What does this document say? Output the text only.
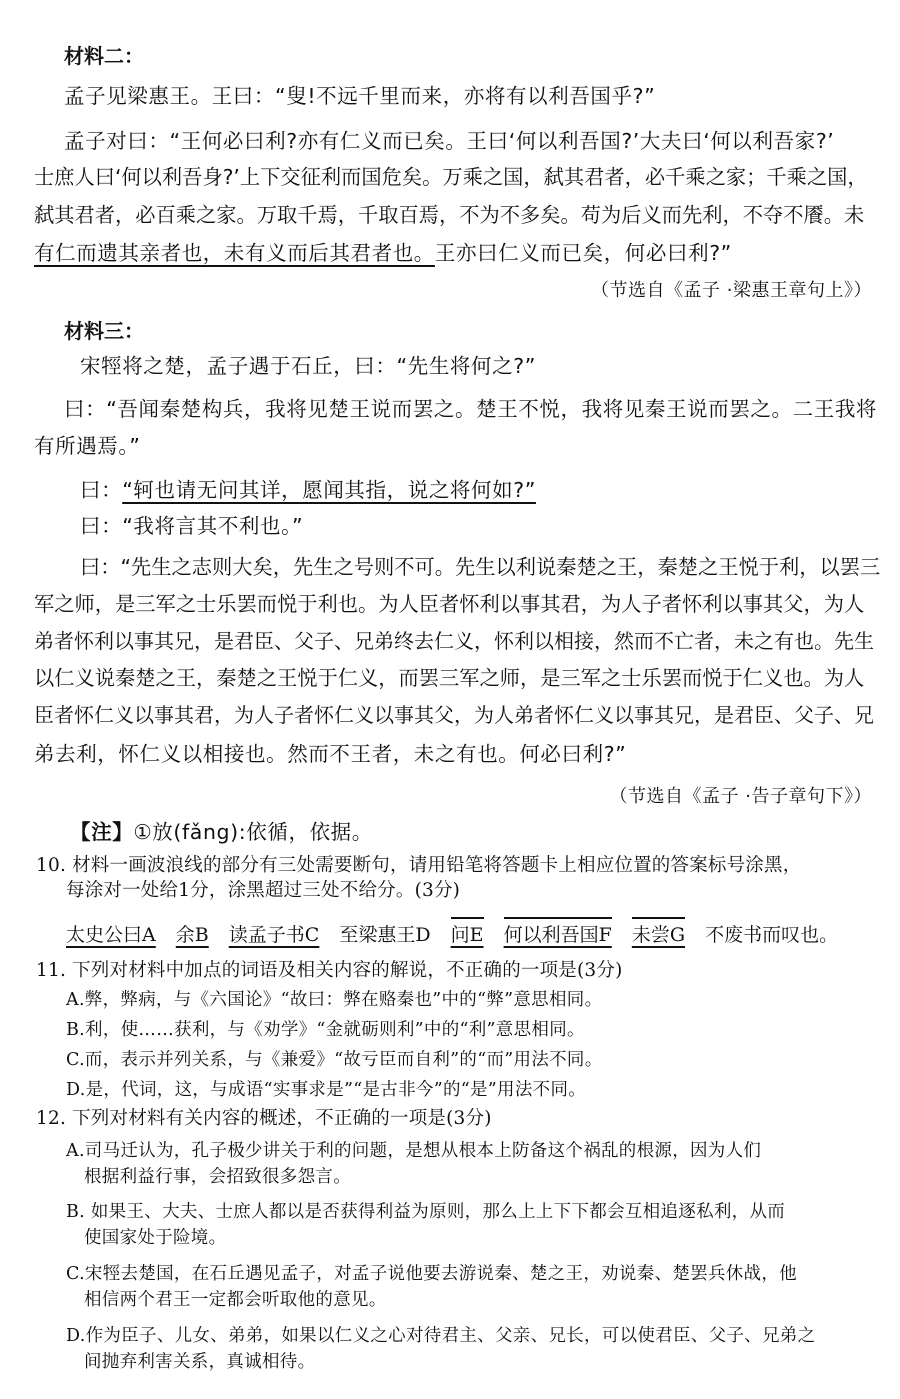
材料二：
孟子见梁惠王。王曰：“叟!不远千里而来，亦将有以利吾国乎?”
孟子对曰：“王何必曰利?亦有仁义而已矣。王曰‘何以利吾国?’大夫曰‘何以利吾家?’
士庶人曰‘何以利吾身?’上下交征利而国危矣。万乘之国，弑其君者，必千乘之家；千乘之国，
弑其君者，必百乘之家。万取千焉，千取百焉，不为不多矣。苟为后义而先利，不夺不餍。未
有仁而遗其亲者也，未有义而后其君者也。王亦曰仁义而已矣，何必曰利?”
（节选自《孟子 ·梁惠王章句上》）
材料三：
宋牼将之楚，孟子遇于石丘，曰：“先生将何之?”
曰：“吾闻秦楚构兵，我将见楚王说而罢之。楚王不悦，我将见秦王说而罢之。二王我将
有所遇焉。”
曰：“轲也请无问其详，愿闻其指，说之将何如?”
曰：“我将言其不利也。”
曰：“先生之志则大矣，先生之号则不可。先生以利说秦楚之王，秦楚之王悦于利，以罢三
军之师，是三军之士乐罢而悦于利也。为人臣者怀利以事其君，为人子者怀利以事其父，为人
弟者怀利以事其兄，是君臣、父子、兄弟终去仁义，怀利以相接，然而不亡者，未之有也。先生
以仁义说秦楚之王，秦楚之王悦于仁义，而罢三军之师，是三军之士乐罢而悦于仁义也。为人
臣者怀仁义以事其君，为人子者怀仁义以事其父，为人弟者怀仁义以事其兄，是君臣、父子、兄
弟去利，怀仁义以相接也。然而不王者，未之有也。何必曰利?”
（节选自《孟子 ·告子章句下》）
【注】①放(fǎng):依循，依据。
10. 材料一画波浪线的部分有三处需要断句，请用铅笔将答题卡上相应位置的答案标号涂黑，
每涂对一处给1分，涂黑超过三处不给分。(3分)
太史公曰A 余B 读孟子书C 至梁惠王D 问E 何以利吾国F 未尝G 不废书而叹也。
11. 下列对材料中加点的词语及相关内容的解说，不正确的一项是(3分)
A.弊，弊病，与《六国论》“故曰：弊在赂秦也”中的“弊”意思相同。
B.利，使……获利，与《劝学》“金就砺则利”中的“利”意思相同。
C.而，表示并列关系，与《兼爱》“故亏臣而自利”的“而”用法不同。
D.是，代词，这，与成语“实事求是”“是古非今”的“是”用法不同。
12. 下列对材料有关内容的概述，不正确的一项是(3分)
A.司马迁认为，孔子极少讲关于利的问题，是想从根本上防备这个祸乱的根源，因为人们
根据利益行事，会招致很多怨言。
B. 如果王、大夫、士庶人都以是否获得利益为原则，那么上上下下都会互相追逐私利，从而
使国家处于险境。
C.宋牼去楚国，在石丘遇见孟子，对孟子说他要去游说秦、楚之王，劝说秦、楚罢兵休战，他
相信两个君王一定都会听取他的意见。
D.作为臣子、儿女、弟弟，如果以仁义之心对待君主、父亲、兄长，可以使君臣、父子、兄弟之
间抛弃利害关系，真诚相待。
